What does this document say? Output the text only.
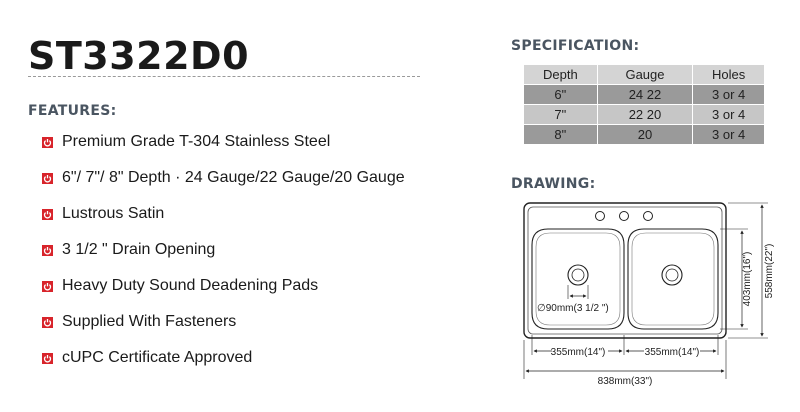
ST3322D0
FEATURES:
Premium Grade T-304 Stainless Steel
6"/ 7"/ 8" Depth · 24 Gauge/22 Gauge/20 Gauge
Lustrous Satin
3 1/2 " Drain Opening
Heavy Duty Sound Deadening Pads
Supplied With Fasteners
cUPC Certificate Approved
SPECIFICATION:
Depth	Gauge	Holes
6"	24 22	3 or 4
7"	22 20	3 or 4
8"	20	3 or 4
DRAWING:
∅90mm(3 1/2 ")
355mm(14")	355mm(14")
838mm(33")
403mm(16") 558mm(22")
